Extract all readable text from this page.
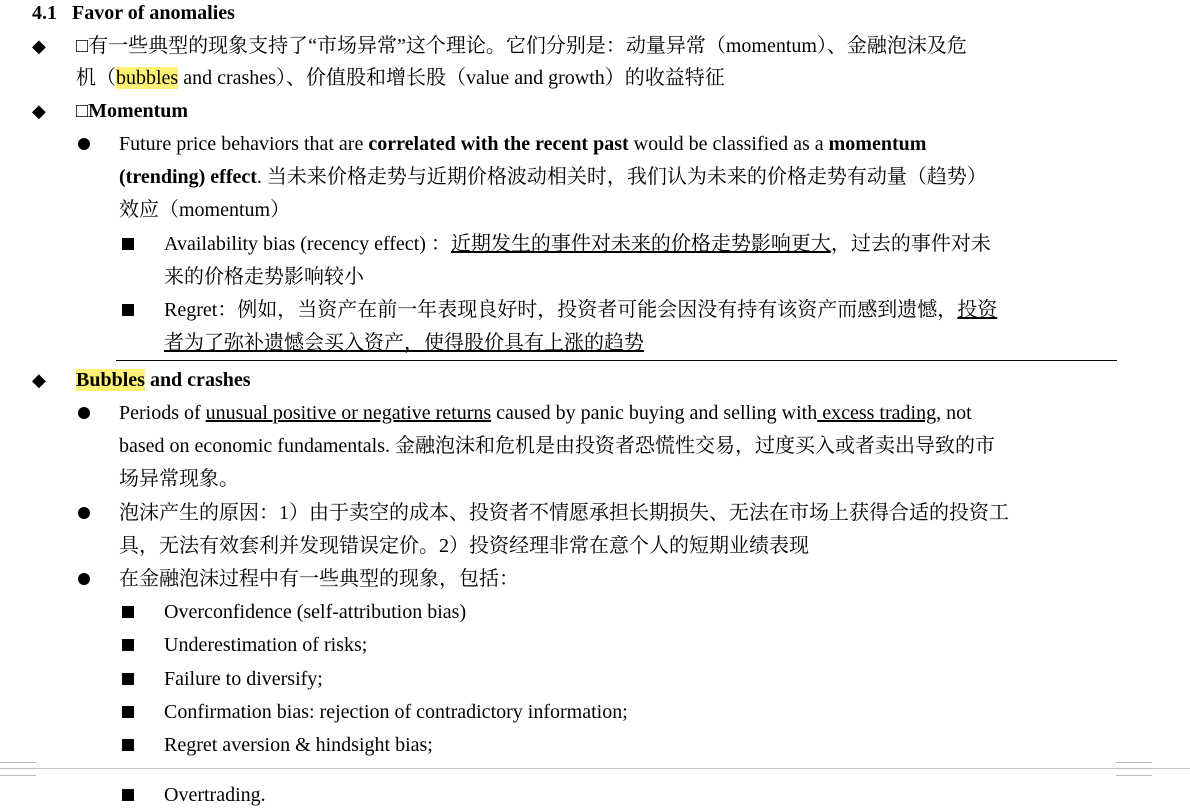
4.1 Favor of anomalies
◆ □有一些典型的现象支持了“市场异常”这个理论。它们分别是：动量异常（momentum）、金融泡沫及危
机（bubbles and crashes）、价值股和增长股（value and growth）的收益特征
◆ □Momentum
Future price behaviors that are correlated with the recent past would be classified as a momentum
(trending) effect. 当未来价格走势与近期价格波动相关时，我们认为未来的价格走势有动量（趋势）
效应（momentum）
Availability bias (recency effect) ：近期发生的事件对未来的价格走势影响更大，过去的事件对未
来的价格走势影响较小
Regret：例如，当资产在前一年表现良好时，投资者可能会因没有持有该资产而感到遗憾，投资
者为了弥补遗憾会买入资产，使得股价具有上涨的趋势
◆ Bubbles and crashes
Periods of unusual positive or negative returns caused by panic buying and selling with excess trading, not
based on economic fundamentals. 金融泡沫和危机是由投资者恐慌性交易，过度买入或者卖出导致的市
场异常现象。
泡沫产生的原因：1）由于卖空的成本、投资者不情愿承担长期损失、无法在市场上获得合适的投资工
具，无法有效套利并发现错误定价。2）投资经理非常在意个人的短期业绩表现
在金融泡沫过程中有一些典型的现象，包括：
Overconfidence (self-attribution bias)
Underestimation of risks;
Failure to diversify;
Confirmation bias: rejection of contradictory information;
Regret aversion & hindsight bias;
Overtrading.
